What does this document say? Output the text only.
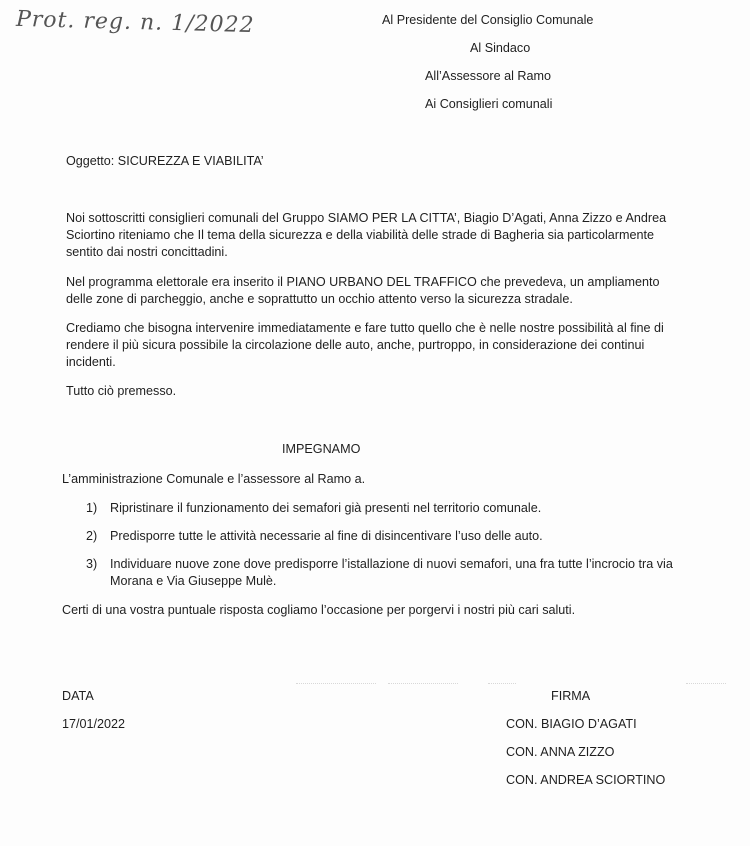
Prot. reg. n. 1/2022	Al Presidente del Consiglio Comunale
Al Sindaco
All’Assessore al Ramo
Ai Consiglieri comunali
Oggetto: SICUREZZA E VIABILITA’
Noi sottoscritti consiglieri comunali del Gruppo SIAMO PER LA CITTA’, Biagio D’Agati, Anna Zizzo e Andrea Sciortino riteniamo che Il tema della sicurezza e della viabilità delle strade di Bagheria sia particolarmente sentito dai nostri concittadini.
Nel programma elettorale era inserito il PIANO URBANO DEL TRAFFICO che prevedeva, un ampliamento delle zone di parcheggio, anche e soprattutto un occhio attento verso la sicurezza stradale.
Crediamo che bisogna intervenire immediatamente e fare tutto quello che è nelle nostre possibilità al fine di rendere il più sicura possibile la circolazione delle auto, anche, purtroppo, in considerazione dei continui incidenti.
Tutto ciò premesso.
IMPEGNAMO
L’amministrazione Comunale e l’assessore al Ramo a.
1) Ripristinare il funzionamento dei semafori già presenti nel territorio comunale.
2) Predisporre tutte le attività necessarie al fine di disincentivare l’uso delle auto.
3) Individuare nuove zone dove predisporre l’istallazione di nuovi semafori, una fra tutte l’incrocio tra via Morana e Via Giuseppe Mulè.
Certi di una vostra puntuale risposta cogliamo l’occasione per porgervi i nostri più cari saluti.
DATA
17/01/2022
FIRMA
CON. BIAGIO D’AGATI
CON. ANNA ZIZZO
CON. ANDREA SCIORTINO
